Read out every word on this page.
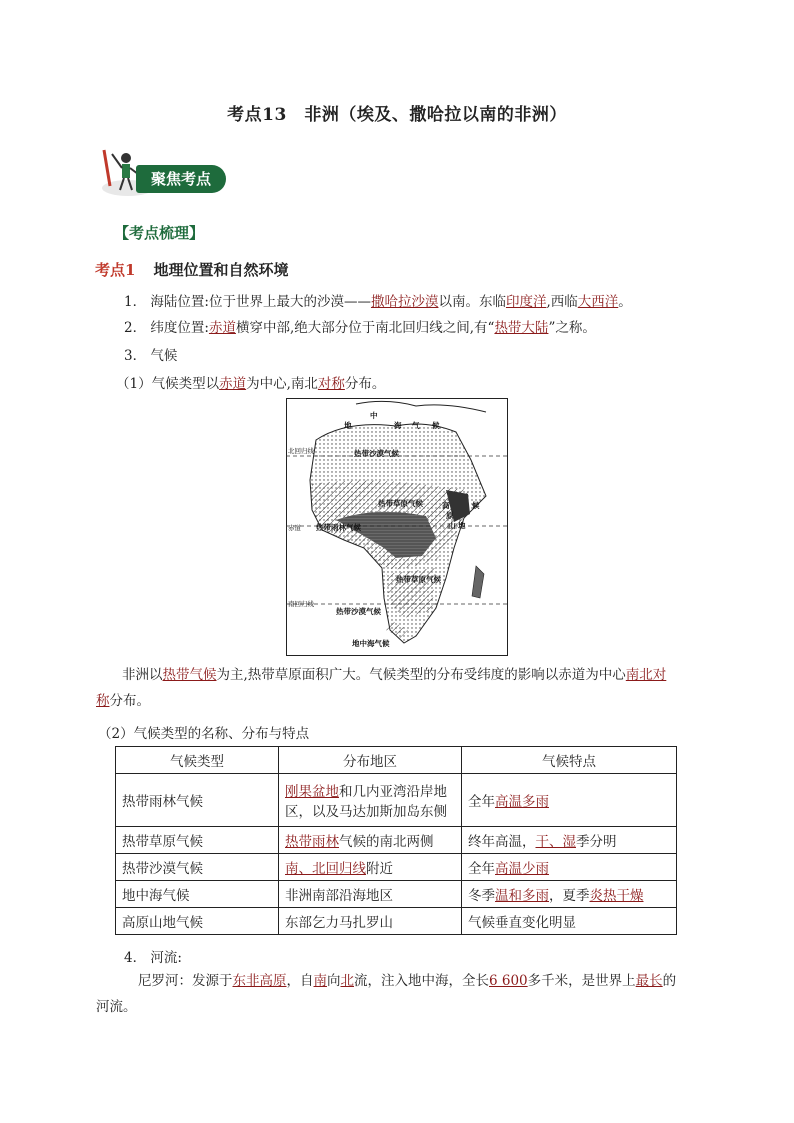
考点13　非洲（埃及、撒哈拉以南的非洲）
聚焦考点
【考点梳理】
考点1 地理位置和自然环境
1． 海陆位置:位于世界上最大的沙漠——撒哈拉沙漠以南。东临印度洋,西临大西洋。
2． 纬度位置:赤道横穿中部,绝大部分位于南北回归线之间,有“热带大陆”之称。
3． 气候
（1）气候类型以赤道为中心,南北对称分布。
中
地	海 气 候
北回归线	热带沙漠气候
热带草原气候	高	候
原
山 地
赤道 热带雨林气候
热带草原气候
南回归线
热带沙漠气候
地中海气候
非洲以热带气候为主,热带草原面积广大。气候类型的分布受纬度的影响以赤道为中心南北对
称分布。
（2）气候类型的名称、分布与特点
气候类型	分布地区	气候特点
热带雨林气候	刚果盆地和几内亚湾沿岸地区，以及马达加斯加岛东侧	全年高温多雨
热带草原气候	热带雨林气候的南北两侧	终年高温，干、湿季分明
热带沙漠气候	南、北回归线附近	全年高温少雨
地中海气候	非洲南部沿海地区	冬季温和多雨，夏季炎热干燥
高原山地气候	东部乞力马扎罗山	气候垂直变化明显
4． 河流:
尼罗河：发源于东非高原，自南向北流，注入地中海，全长6 600多千米，是世界上最长的
河流。
